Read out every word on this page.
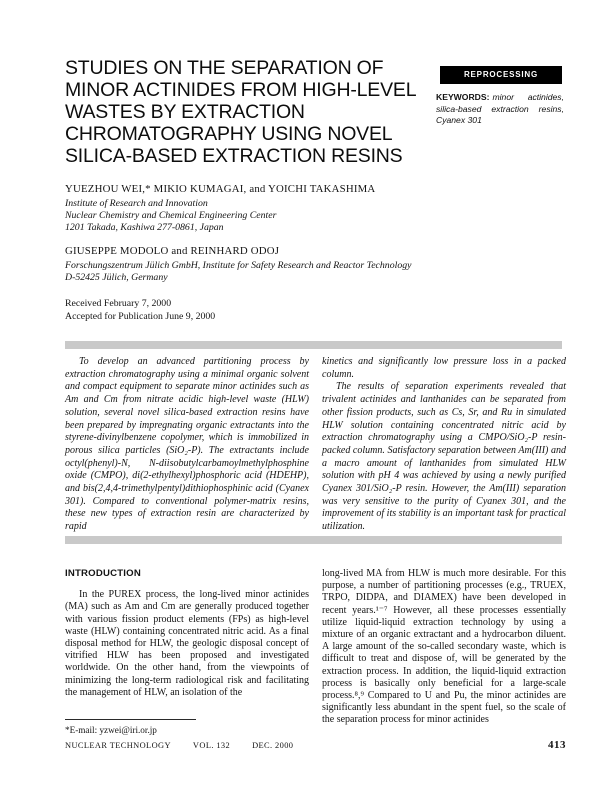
STUDIES ON THE SEPARATION OF
MINOR ACTINIDES FROM HIGH-LEVEL
WASTES BY EXTRACTION
CHROMATOGRAPHY USING NOVEL
SILICA-BASED EXTRACTION RESINS
REPROCESSING
KEYWORDS: minor actinides, silica-based extraction resins, Cyanex 301
YUEZHOU WEI,* MIKIO KUMAGAI, and YOICHI TAKASHIMA
Institute of Research and Innovation
Nuclear Chemistry and Chemical Engineering Center
1201 Takada, Kashiwa 277-0861, Japan
GIUSEPPE MODOLO and REINHARD ODOJ
Forschungszentrum Jülich GmbH, Institute for Safety Research and Reactor Technology
D-52425 Jülich, Germany
Received February 7, 2000
Accepted for Publication June 9, 2000

To develop an advanced partitioning process by extraction chromatography using a minimal organic solvent and compact equipment to separate minor actinides such as Am and Cm from nitrate acidic high-level waste (HLW) solution, several novel silica-based extraction resins have been prepared by impregnating organic extractants into the styrene-divinylbenzene copolymer, which is immobilized in porous silica particles (SiO₂-P). The extractants include octyl(phenyl)-N, N-diisobutylcarbamoylmethylphosphine oxide (CMPO), di(2-ethylhexyl)phosphoric acid (HDEHP), and bis(2,4,4-trimethylpentyl)dithiophosphinic acid (Cyanex 301). Compared to conventional polymer-matrix resins, these new types of extraction resin are characterized by rapid

kinetics and significantly low pressure loss in a packed column.

The results of separation experiments revealed that trivalent actinides and lanthanides can be separated from other fission products, such as Cs, Sr, and Ru in simulated HLW solution containing concentrated nitric acid by extraction chromatography using a CMPO/SiO₂-P resin-packed column. Satisfactory separation between Am(III) and a macro amount of lanthanides from simulated HLW solution with pH 4 was achieved by using a newly purified Cyanex 301/SiO₂-P resin. However, the Am(III) separation was very sensitive to the purity of Cyanex 301, and the improvement of its stability is an important task for practical utilization.

INTRODUCTION

In the PUREX process, the long-lived minor actinides (MA) such as Am and Cm are generally produced together with various fission product elements (FPs) as high-level waste (HLW) containing concentrated nitric acid. As a final disposal method for HLW, the geologic disposal concept of vitrified HLW has been proposed and investigated worldwide. On the other hand, from the viewpoints of minimizing the long-term radiological risk and facilitating the management of HLW, an isolation of the

*E-mail: yzwei@iri.or.jp

long-lived MA from HLW is much more desirable. For this purpose, a number of partitioning processes (e.g., TRUEX, TRPO, DIDPA, and DIAMEX) have been developed in recent years.¹⁻⁷ However, all these processes essentially utilize liquid-liquid extraction technology by using a mixture of an organic extractant and a hydrocarbon diluent. A large amount of the so-called secondary waste, which is difficult to treat and dispose of, will be generated by the extraction process. In addition, the liquid-liquid extraction process is basically only beneficial for a large-scale process.⁸,⁹ Compared to U and Pu, the minor actinides are significantly less abundant in the spent fuel, so the scale of the separation process for minor actinides

NUCLEAR TECHNOLOGY	VOL. 132	DEC. 2000	413
